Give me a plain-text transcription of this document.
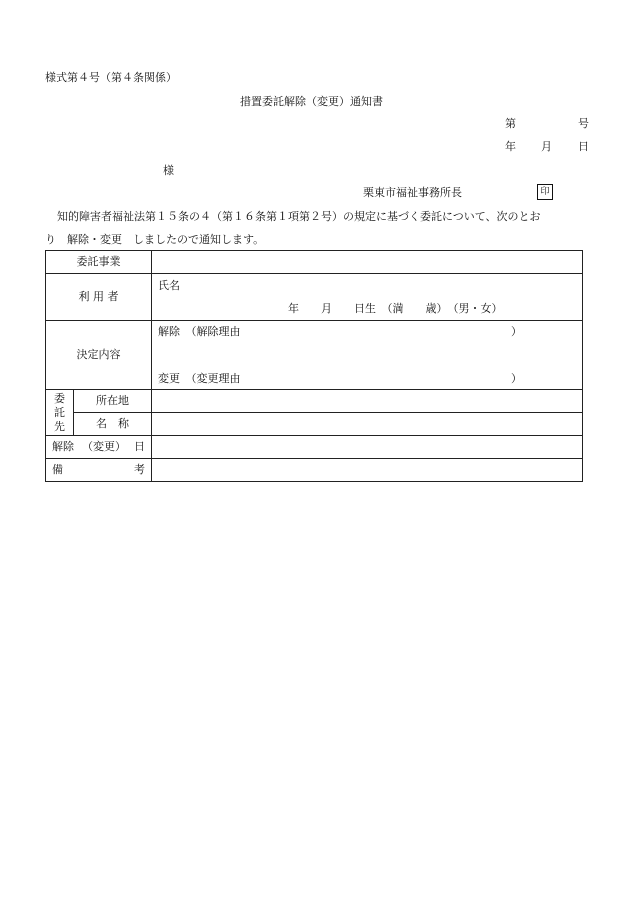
様式第４号（第４条関係）
措置委託解除（変更）通知書
第	号
年 月 日
様
栗東市福祉事務所長	印
知的障害者福祉法第１５条の４（第１６条第１項第２号）の規定に基づく委託について、次のとお
り　解除・変更　しましたので通知します。
委託事業		
利 用 者		氏名
年　　月　　日生　（満　　歳）　（男・女）

決定内容		解除　（解除理由 ）
変更　（変更理由 ）

委
託
先	所在地	
	名　称	

解除 （変更） 日		

備 考		
